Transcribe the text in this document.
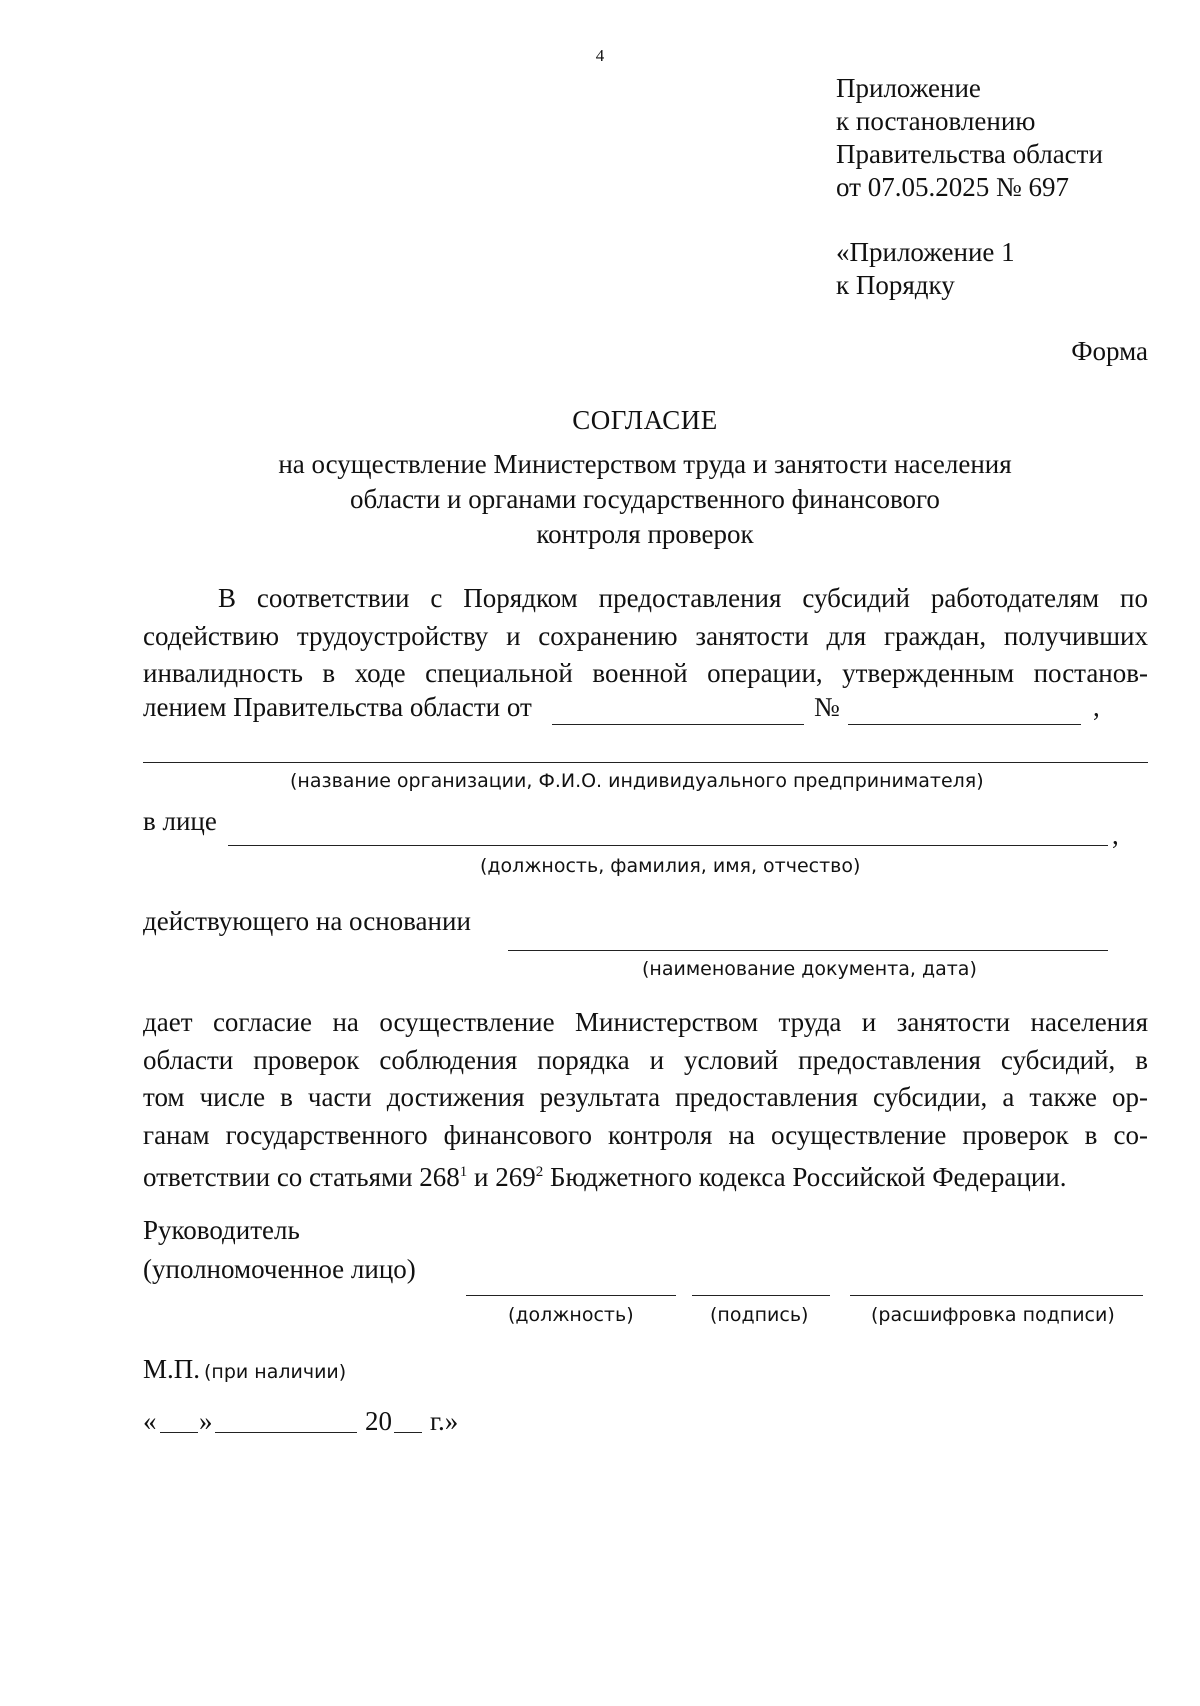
4
Приложение
к постановлению
Правительства области
от 07.05.2025 № 697
«Приложение 1
к Порядку
Форма
СОГЛАСИЕ
на осуществление Министерством труда и занятости населения
области и органами государственного финансового
контроля проверок
В соответствии с Порядком предоставления субсидий работодателям по
содействию трудоустройству и сохранению занятости для граждан, получивших
инвалидность в ходе специальной военной операции, утвержденным постанов-
лением Правительства области от	№	,
(название организации, Ф.И.О. индивидуального предпринимателя)
в лице	,
(должность, фамилия, имя, отчество)
действующего на основании
(наименование документа, дата)
дает согласие на осуществление Министерством труда и занятости населения
области проверок соблюдения порядка и условий предоставления субсидий, в
том числе в части достижения результата предоставления субсидии, а также ор-
ганам государственного финансового контроля на осуществление проверок в со-
ответствии со статьями $268^1$ и $269^2$ Бюджетного кодекса Российской Федерации.
Руководитель
(уполномоченное лицо)
(должность)	(подпись)	(расшифровка подписи)
М.П. (при наличии)
« »	20 г.»
